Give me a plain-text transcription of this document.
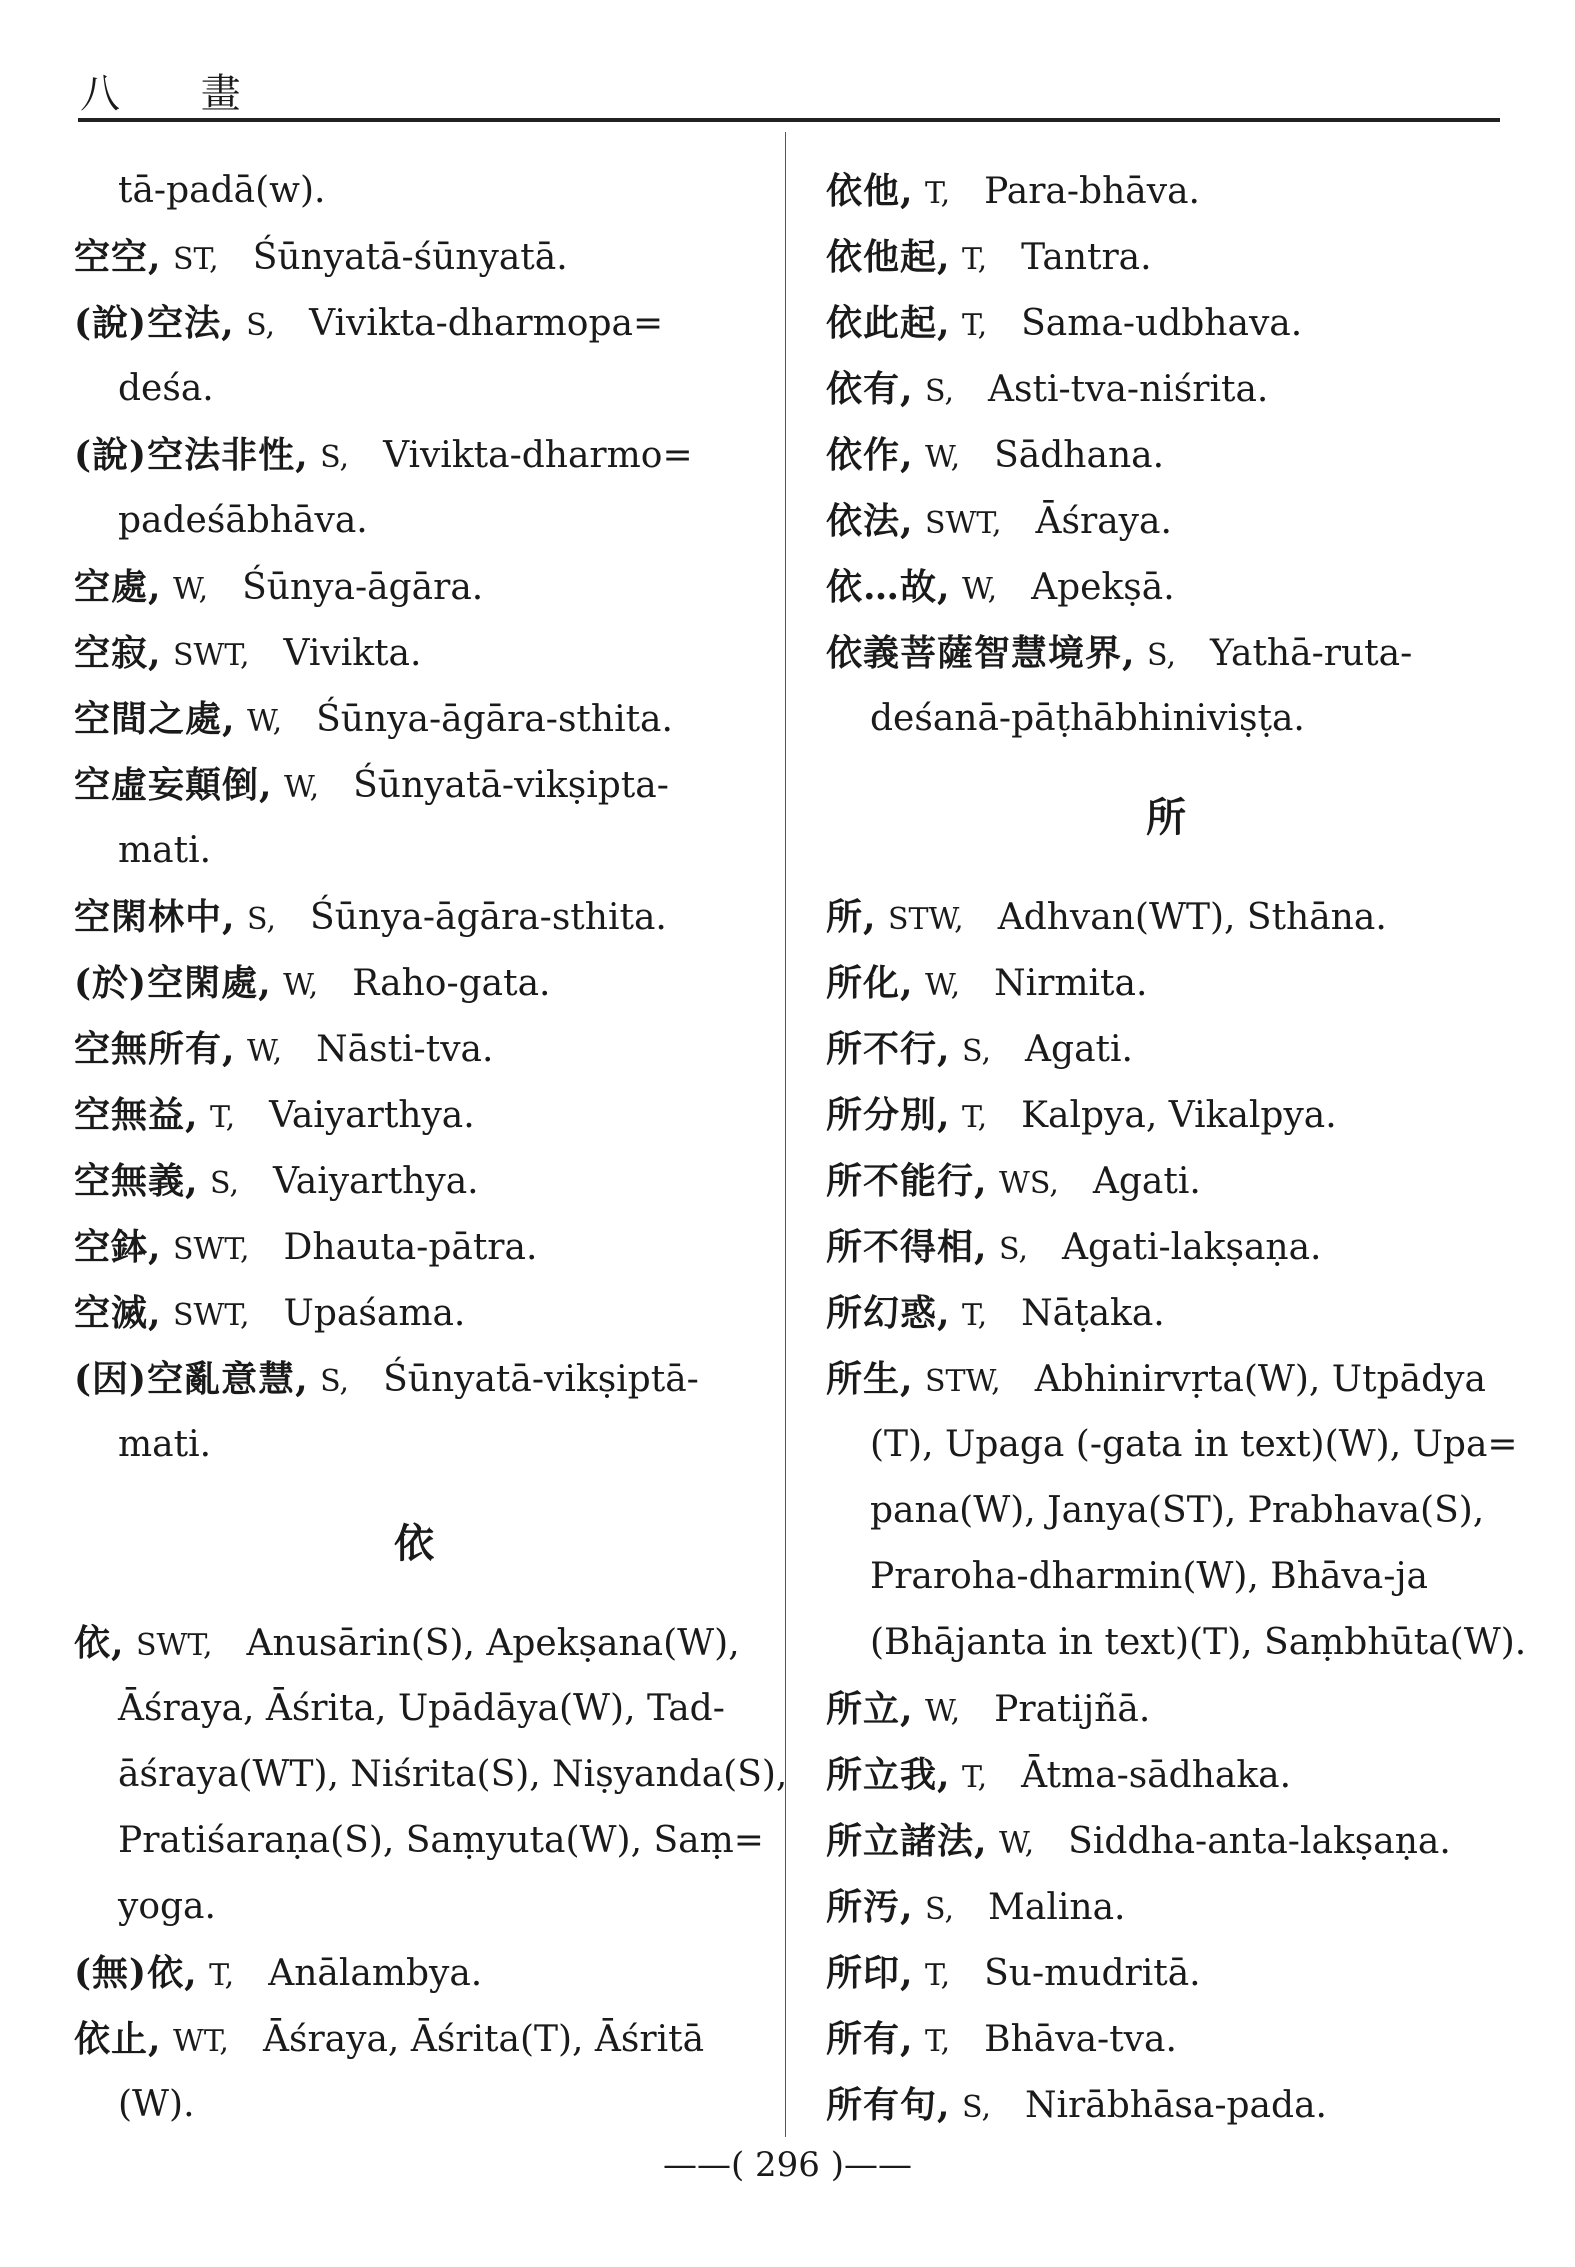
八 畫
tā-padā(w).
空空, ST, Śūnyatā-śūnyatā.
(說)空法, S, Vivikta-dharmopa=
deśa.
(說)空法非性, S, Vivikta-dharmo=
padeśābhāva.
空處, W, Śūnya-āgāra.
空寂, SWT, Vivikta.
空間之處, W, Śūnya-āgāra-sthita.
空虛妄顛倒, W, Śūnyatā-vikṣipta-
mati.
空閑林中, S, Śūnya-āgāra-sthita.
(於)空閑處, W, Raho-gata.
空無所有, W, Nāsti-tva.
空無益, T, Vaiyarthya.
空無義, S, Vaiyarthya.
空鉢, SWT, Dhauta-pātra.
空滅, SWT, Upaśama.
(因)空亂意慧, S, Śūnyatā-vikṣiptā-
mati.
依
依, SWT, Anusārin(S), Apekṣana(W),
Āśraya, Āśrita, Upādāya(W), Tad-
āśraya(WT), Niśrita(S), Niṣyanda(S),
Pratiśaraṇa(S), Saṃyuta(W), Saṃ=
yoga.
(無)依, T, Anālambya.
依止, WT, Āśraya, Āśrita(T), Āśritā
(W).
依他, T, Para-bhāva.
依他起, T, Tantra.
依此起, T, Sama-udbhava.
依有, S, Asti-tva-niśrita.
依作, W, Sādhana.
依法, SWT, Āśraya.
依…故, W, Apekṣā.
依義菩薩智慧境界, S, Yathā-ruta-
deśanā-pāṭhābhiniviṣṭa.
所
所, STW, Adhvan(WT), Sthāna.
所化, W, Nirmita.
所不行, S, Agati.
所分別, T, Kalpya, Vikalpya.
所不能行, WS, Agati.
所不得相, S, Agati-lakṣaṇa.
所幻惑, T, Nāṭaka.
所生, STW, Abhinirvṛta(W), Utpādya
(T), Upaga (-gata in text)(W), Upa=
pana(W), Janya(ST), Prabhava(S),
Praroha-dharmin(W), Bhāva-ja
(Bhājanta in text)(T), Saṃbhūta(W).
所立, W, Pratijñā.
所立我, T, Ātma-sādhaka.
所立諸法, W, Siddha-anta-lakṣaṇa.
所汚, S, Malina.
所印, T, Su-mudritā.
所有, T, Bhāva-tva.
所有句, S, Nirābhāsa-pada.
——( 296 )——
